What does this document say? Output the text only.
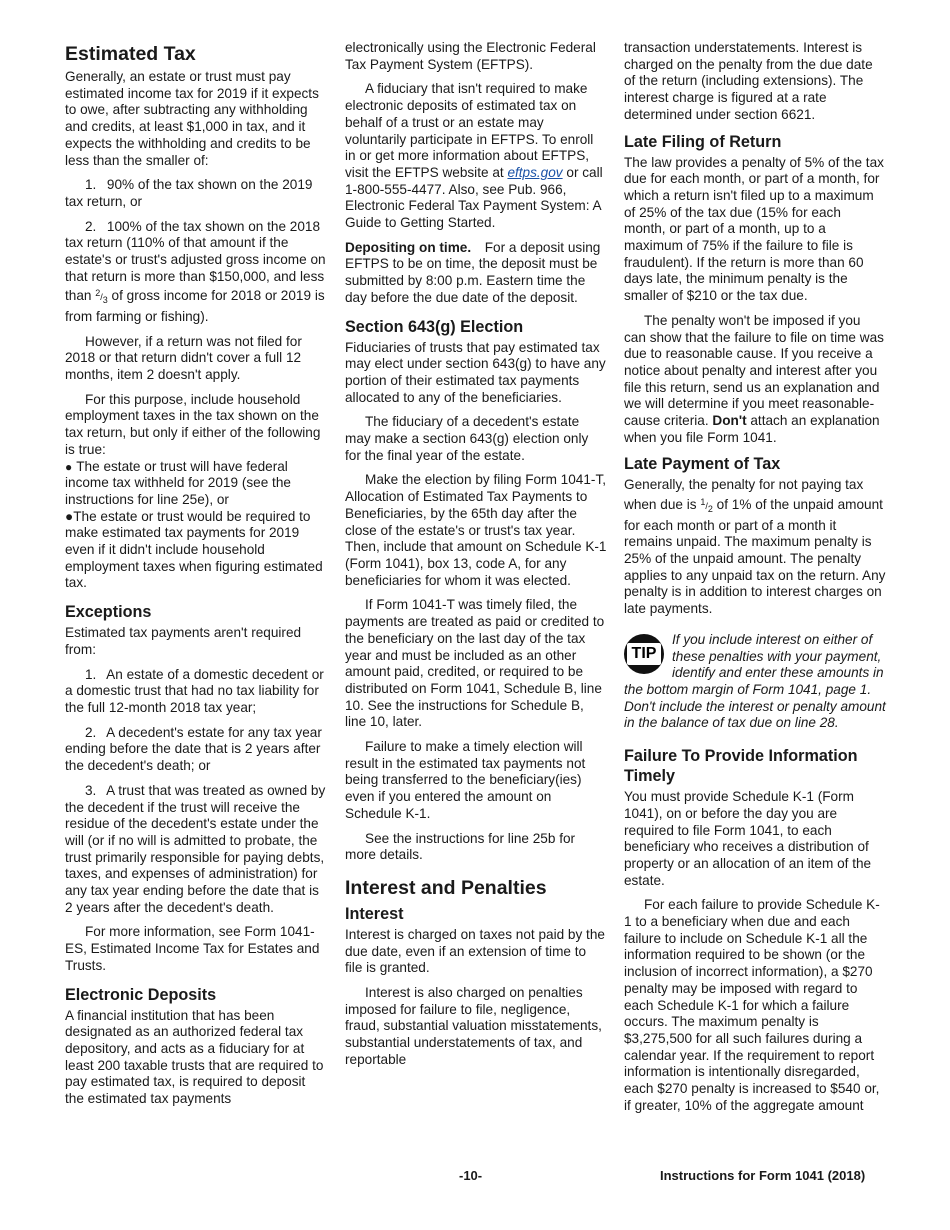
Estimated Tax

Generally, an estate or trust must pay estimated income tax for 2019 if it expects to owe, after subtracting any withholding and credits, at least $1,000 in tax, and it expects the withholding and credits to be less than the smaller of:

1.  90% of the tax shown on the 2019 tax return, or

2.  100% of the tax shown on the 2018 tax return (110% of that amount if the estate's or trust's adjusted gross income on that return is more than $150,000, and less than $^2/_3$ of gross income for 2018 or 2019 is from farming or fishing).

However, if a return was not filed for 2018 or that return didn't cover a full 12 months, item 2 doesn't apply.

For this purpose, include household employment taxes in the tax shown on the tax return, but only if either of the following is true:

● The estate or trust will have federal income tax withheld for 2019 (see the instructions for line 25e), or

●The estate or trust would be required to make estimated tax payments for 2019 even if it didn't include household employment taxes when figuring estimated tax.

Exceptions

Estimated tax payments aren't required from:

1.  An estate of a domestic decedent or a domestic trust that had no tax liability for the full 12-month 2018 tax year;

2.  A decedent's estate for any tax year ending before the date that is 2 years after the decedent's death; or

3.  A trust that was treated as owned by the decedent if the trust will receive the residue of the decedent's estate under the will (or if no will is admitted to probate, the trust primarily responsible for paying debts, taxes, and expenses of administration) for any tax year ending before the date that is 2 years after the decedent's death.

For more information, see Form 1041-ES, Estimated Income Tax for Estates and Trusts.

Electronic Deposits

A financial institution that has been designated as an authorized federal tax depository, and acts as a fiduciary for at least 200 taxable trusts that are required to pay estimated tax, is required to deposit the estimated tax payments

electronically using the Electronic Federal Tax Payment System (EFTPS).

A fiduciary that isn't required to make electronic deposits of estimated tax on behalf of a trust or an estate may voluntarily participate in EFTPS. To enroll in or get more information about EFTPS, visit the EFTPS website at eftps.gov or call 1-800-555-4477. Also, see Pub. 966, Electronic Federal Tax Payment System: A Guide to Getting Started.

Depositing on time.  For a deposit using EFTPS to be on time, the deposit must be submitted by 8:00 p.m. Eastern time the day before the due date of the deposit.

Section 643(g) Election

Fiduciaries of trusts that pay estimated tax may elect under section 643(g) to have any portion of their estimated tax payments allocated to any of the beneficiaries.

The fiduciary of a decedent's estate may make a section 643(g) election only for the final year of the estate.

Make the election by filing Form 1041-T, Allocation of Estimated Tax Payments to Beneficiaries, by the 65th day after the close of the estate's or trust's tax year. Then, include that amount on Schedule K-1 (Form 1041), box 13, code A, for any beneficiaries for whom it was elected.

If Form 1041-T was timely filed, the payments are treated as paid or credited to the beneficiary on the last day of the tax year and must be included as an other amount paid, credited, or required to be distributed on Form 1041, Schedule B, line 10. See the instructions for Schedule B, line 10, later.

Failure to make a timely election will result in the estimated tax payments not being transferred to the beneficiary(ies) even if you entered the amount on Schedule K-1.

See the instructions for line 25b for more details.

Interest and Penalties
Interest

Interest is charged on taxes not paid by the due date, even if an extension of time to file is granted.

Interest is also charged on penalties imposed for failure to file, negligence, fraud, substantial valuation misstatements, substantial understatements of tax, and reportable

transaction understatements. Interest is charged on the penalty from the due date of the return (including extensions). The interest charge is figured at a rate determined under section 6621.

Late Filing of Return

The law provides a penalty of 5% of the tax due for each month, or part of a month, for which a return isn't filed up to a maximum of 25% of the tax due (15% for each month, or part of a month, up to a maximum of 75% if the failure to file is fraudulent). If the return is more than 60 days late, the minimum penalty is the smaller of $210 or the tax due.

The penalty won't be imposed if you can show that the failure to file on time was due to reasonable cause. If you receive a notice about penalty and interest after you file this return, send us an explanation and we will determine if you meet reasonable-cause criteria. Don't attach an explanation when you file Form 1041.

Late Payment of Tax

Generally, the penalty for not paying tax when due is $^1/_2$ of 1% of the unpaid amount for each month or part of a month it remains unpaid. The maximum penalty is 25% of the unpaid amount. The penalty applies to any unpaid tax on the return. Any penalty is in addition to interest charges on late payments.

TIP
If you include interest on either of these penalties with your payment, identify and enter these amounts in the bottom margin of Form 1041, page 1. Don't include the interest or penalty amount in the balance of tax due on line 28.
Failure To Provide Information Timely

You must provide Schedule K-1 (Form 1041), on or before the day you are required to file Form 1041, to each beneficiary who receives a distribution of property or an allocation of an item of the estate.

For each failure to provide Schedule K-1 to a beneficiary when due and each failure to include on Schedule K-1 all the information required to be shown (or the inclusion of incorrect information), a $270 penalty may be imposed with regard to each Schedule K-1 for which a failure occurs. The maximum penalty is $3,275,500 for all such failures during a calendar year. If the requirement to report information is intentionally disregarded, each $270 penalty is increased to $540 or, if greater, 10% of the aggregate amount

-10-	Instructions for Form 1041 (2018)
